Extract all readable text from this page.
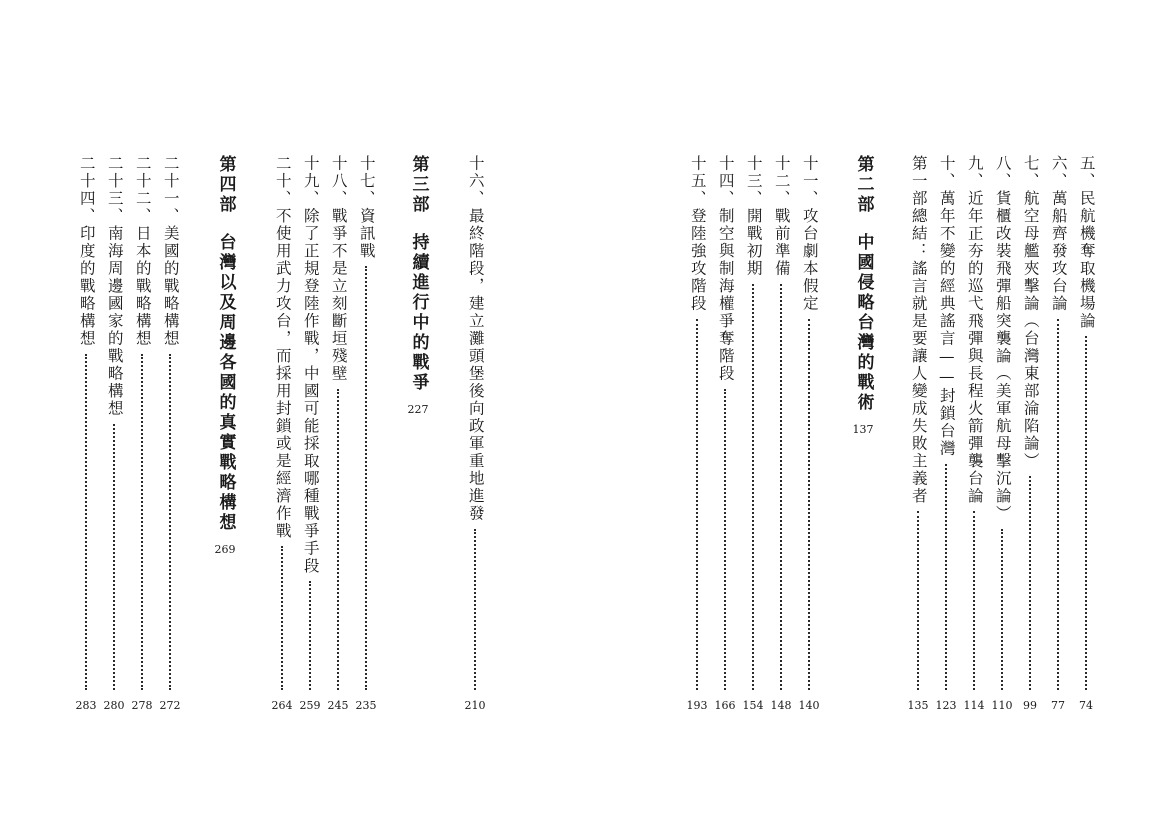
五、民航機奪取機場論
74
六、萬船齊發攻台論
77
七、航空母艦夾擊論（台灣東部淪陷論）
99
八、貨櫃改裝飛彈船突襲論（美軍航母擊沉論）
110
九、近年正夯的巡弋飛彈與長程火箭彈襲台論
114
十、萬年不變的經典謠言——封鎖台灣
123
第一部總結：謠言就是要讓人變成失敗主義者
135
第二部
中國侵略台灣的戰術
137
十一、攻台劇本假定
140
十二、戰前準備
148
十三、開戰初期
154
十四、制空與制海權爭奪階段
166
十五、登陸強攻階段
193
十六、最終階段，建立灘頭堡後向政軍重地進發
210
第三部
持續進行中的戰爭
227
十七、資訊戰
235
十八、戰爭不是立刻斷垣殘壁
245
十九、除了正規登陸作戰，中國可能採取哪種戰爭手段
259
二十、不使用武力攻台，而採用封鎖或是經濟作戰
264
第四部
台灣以及周邊各國的真實戰略構想
269
二十一、美國的戰略構想
272
二十二、日本的戰略構想
278
二十三、南海周邊國家的戰略構想
280
二十四、印度的戰略構想
283
